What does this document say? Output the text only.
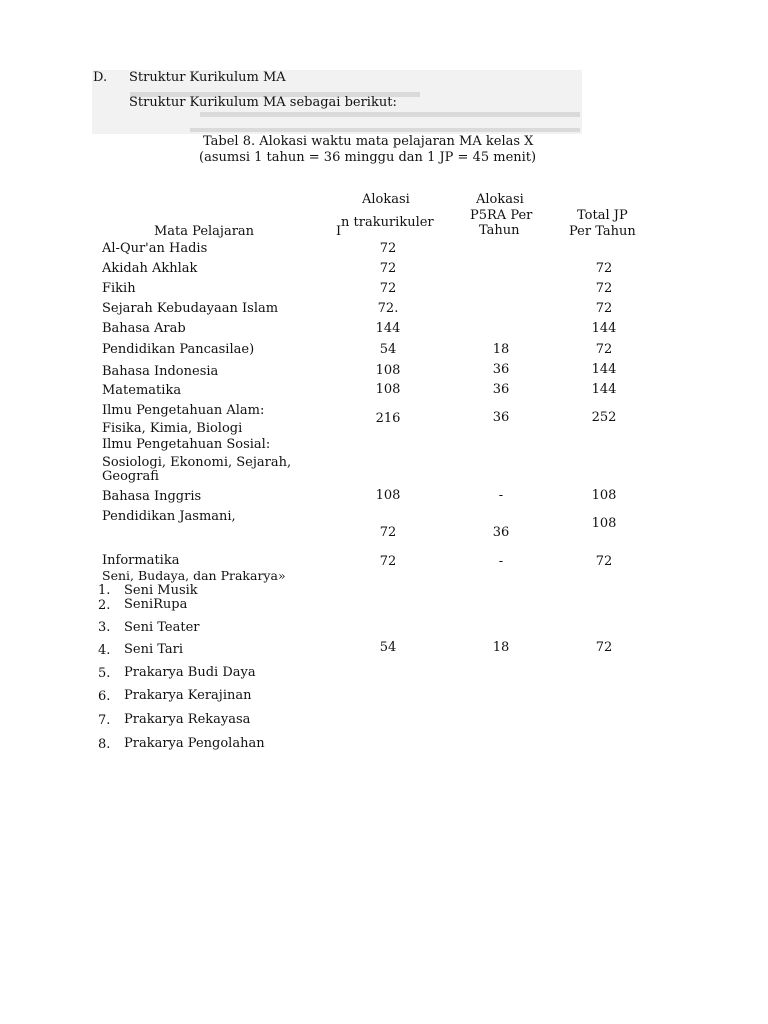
D. Struktur Kurikulum MA
Struktur Kurikulum MA sebagai berikut:
Tabel 8. Alokasi waktu mata pelajaran MA kelas X
(asumsi 1 tahun = 36 minggu dan 1 JP = 45 menit)
Alokasi
I
n trakurikuler
Alokasi
P5RA Per
Tahun
Total JP
Per Tahun
Mata Pelajaran
Al-Qur'an Hadis
Akidah Akhlak
Fikih
Sejarah Kebudayaan Islam
Bahasa Arab
Pendidikan Pancasilae)
Bahasa Indonesia
Matematika
Ilmu Pengetahuan Alam:
Fisika, Kimia, Biologi
Ilmu Pengetahuan Sosial:
Sosiologi, Ekonomi, Sejarah,
Geografi
Bahasa Inggris
Pendidikan Jasmani,
Informatika
Seni, Budaya, dan Prakarya»
72
72
72
72.
144
54
108
108
216
108
72
72
54
18
36
36
36
-
36
-
18
72
72
72
144
72
144
144
252
108
108
72
72
1. Seni Musik
2. SeniRupa
3. Seni Teater
4. Seni Tari
5. Prakarya Budi Daya
6. Prakarya Kerajinan
7. Prakarya Rekayasa
8. Prakarya Pengolahan
